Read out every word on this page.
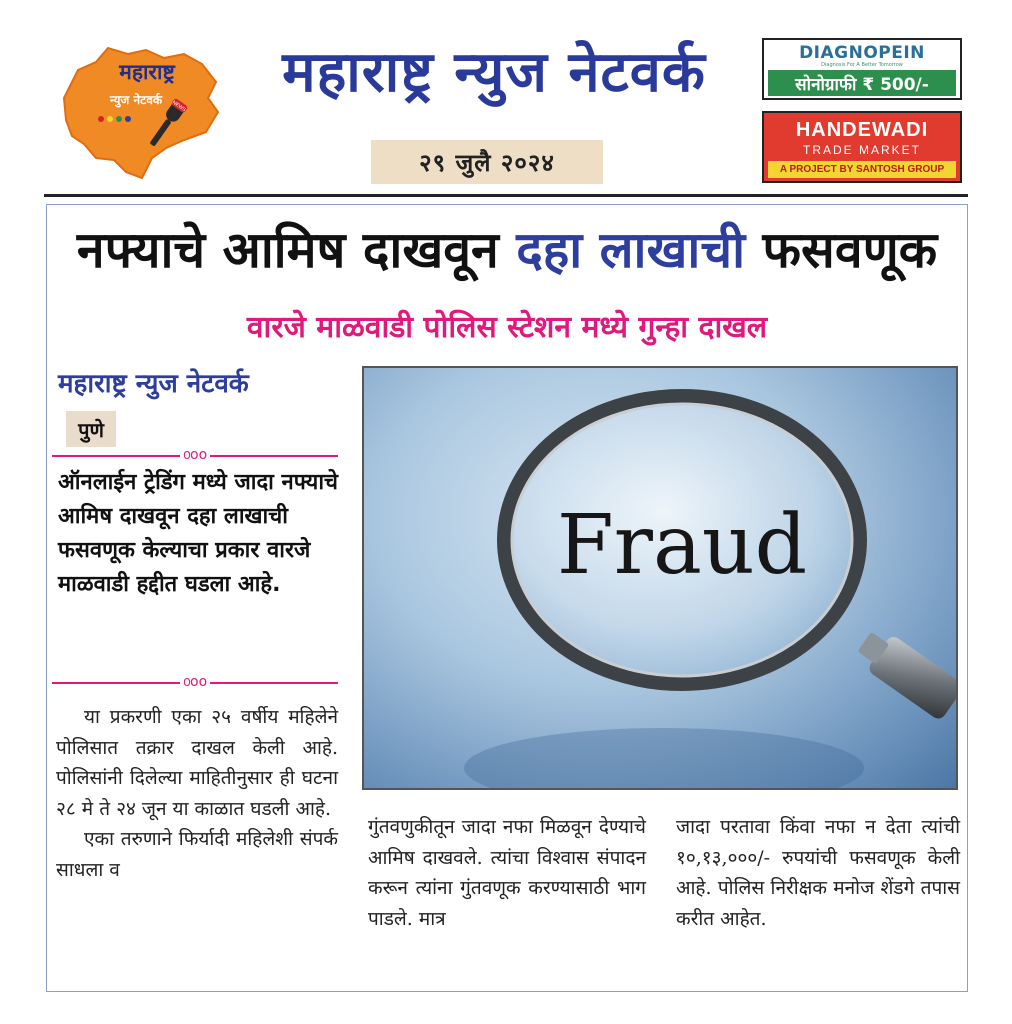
NEWS
महाराष्ट्र
न्युज नेटवर्क	महाराष्ट्र न्युज नेटवर्क
२९ जुलै २०२४
DIAGNOPEIN
Diagnosis For A Better Tomorrow
सोनोग्राफी ₹ 500/-
HANDEWADI
TRADE MARKET
A PROJECT BY SANTOSH GROUP
नफ्याचे आमिष दाखवून दहा लाखाची फसवणूक
वारजे माळवाडी पोलिस स्टेशन मध्ये गुन्हा दाखल
महाराष्ट्र न्युज नेटवर्क
पुणे
൦oo
ऑनलाईन ट्रेडिंग मध्ये जादा नफ्याचे आमिष दाखवून दहा लाखाची फसवणूक केल्याचा प्रकार वारजे माळवाडी हद्दीत घडला आहे.
൦oo

या प्रकरणी एका २५ वर्षीय महिलेने पोलिसात तक्रार दाखल केली आहे. पोलिसांनी दिलेल्या माहितीनुसार ही घटना २८ मे ते २४ जून या काळात घडली आहे.

एका तरुणाने फिर्यादी महिलेशी संपर्क साधला व

Fraud
गुंतवणुकीतून जादा नफा मिळवून देण्याचे आमिष दाखवले. त्यांचा विश्वास संपादन करून त्यांना गुंतवणूक करण्यासाठी भाग पाडले. मात्र
जादा परतावा किंवा नफा न देता त्यांची १०,१३,०००/- रुपयांची फसवणूक केली आहे. पोलिस निरीक्षक मनोज शेंडगे तपास करीत आहेत.
